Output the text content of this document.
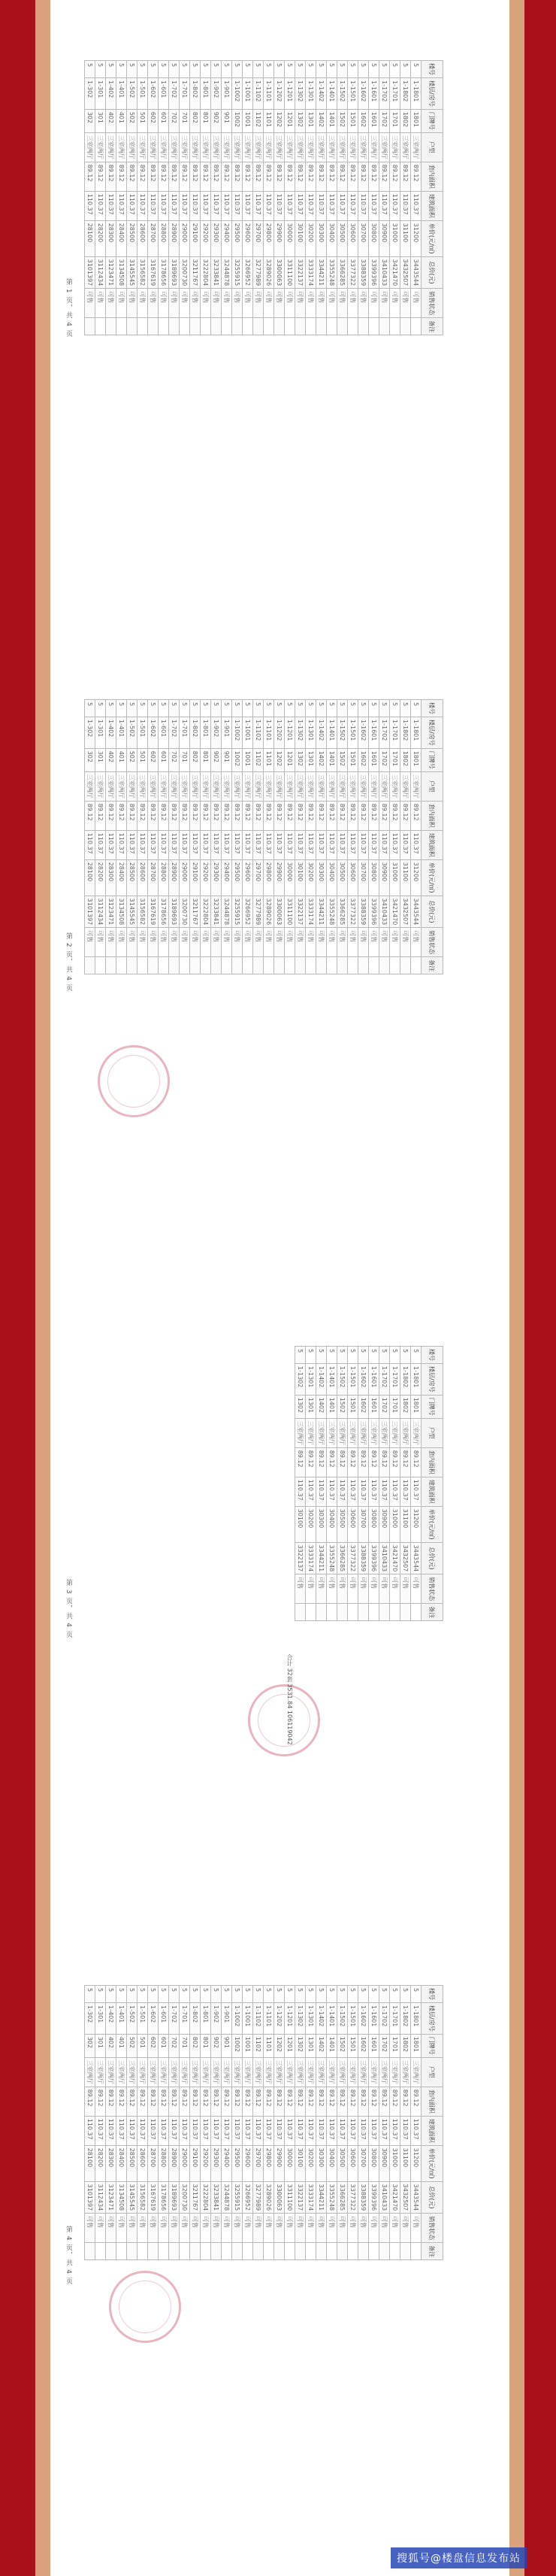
楼号	楼层/房号	门牌号	户型	套内面积	建筑面积	单价(元/㎡)	总价(元)	销售状态	备注
5	1-1801	1801	三室两厅	89.12	110.37	31200	3443544	可售	
5	1-1802	1802	三室两厅	89.12	110.37	31100	3432507	可售	
5	1-1701	1701	三室两厅	89.12	110.37	31000	3421470	可售	
5	1-1702	1702	三室两厅	89.12	110.37	30900	3410433	可售	
5	1-1601	1601	三室两厅	89.12	110.37	30800	3399396	可售	
5	1-1602	1602	三室两厅	89.12	110.37	30700	3388359	可售	
5	1-1501	1501	三室两厅	89.12	110.37	30600	3377322	可售	
5	1-1502	1502	三室两厅	89.12	110.37	30500	3366285	可售	
5	1-1401	1401	三室两厅	89.12	110.37	30400	3355248	可售	
5	1-1402	1402	三室两厅	89.12	110.37	30300	3344211	可售	
5	1-1301	1301	三室两厅	89.12	110.37	30200	3333174	可售	
5	1-1302	1302	三室两厅	89.12	110.37	30100	3322137	可售	
5	1-1201	1201	三室两厅	89.12	110.37	30000	3311100	可售	
5	1-1202	1202	三室两厅	89.12	110.37	29900	3300063	可售	
5	1-1101	1101	三室两厅	89.12	110.37	29800	3289026	可售	
5	1-1102	1102	三室两厅	89.12	110.37	29700	3277989	可售	
5	1-1001	1001	三室两厅	89.12	110.37	29600	3266952	可售	
5	1-1002	1002	三室两厅	89.12	110.37	29500	3255915	可售	
5	1-901	901	三室两厅	89.12	110.37	29400	3244878	可售	
5	1-902	902	三室两厅	89.12	110.37	29300	3233841	可售	
5	1-801	801	三室两厅	89.12	110.37	29200	3222804	可售	
5	1-802	802	三室两厅	89.12	110.37	29100	3211767	可售	
5	1-701	701	三室两厅	89.12	110.37	29000	3200730	可售	
5	1-702	702	三室两厅	89.12	110.37	28900	3189693	可售	
5	1-601	601	三室两厅	89.12	110.37	28800	3178656	可售	
5	1-602	602	三室两厅	89.12	110.37	28700	3167619	可售	
5	1-501	501	三室两厅	89.12	110.37	28600	3156582	可售	
5	1-502	502	三室两厅	89.12	110.37	28500	3145545	可售	
5	1-401	401	三室两厅	89.12	110.37	28400	3134508	可售	
5	1-402	402	三室两厅	89.12	110.37	28300	3123471	可售	
5	1-301	301	三室两厅	89.12	110.37	28200	3112434	可售	
5	1-302	302	三室两厅	89.12	110.37	28100	3101397	可售	
第 1 页，共 4 页
楼号	楼层/房号	门牌号	户型	套内面积	建筑面积	单价(元/㎡)	总价(元)	销售状态	备注
5	1-1801	1801	三室两厅	89.12	110.37	31200	3443544	可售	
5	1-1802	1802	三室两厅	89.12	110.37	31100	3432507	可售	
5	1-1701	1701	三室两厅	89.12	110.37	31000	3421470	可售	
5	1-1702	1702	三室两厅	89.12	110.37	30900	3410433	可售	
5	1-1601	1601	三室两厅	89.12	110.37	30800	3399396	可售	
5	1-1602	1602	三室两厅	89.12	110.37	30700	3388359	可售	
5	1-1501	1501	三室两厅	89.12	110.37	30600	3377322	可售	
5	1-1502	1502	三室两厅	89.12	110.37	30500	3366285	可售	
5	1-1401	1401	三室两厅	89.12	110.37	30400	3355248	可售	
5	1-1402	1402	三室两厅	89.12	110.37	30300	3344211	可售	
5	1-1301	1301	三室两厅	89.12	110.37	30200	3333174	可售	
5	1-1302	1302	三室两厅	89.12	110.37	30100	3322137	可售	
5	1-1201	1201	三室两厅	89.12	110.37	30000	3311100	可售	
5	1-1202	1202	三室两厅	89.12	110.37	29900	3300063	可售	
5	1-1101	1101	三室两厅	89.12	110.37	29800	3289026	可售	
5	1-1102	1102	三室两厅	89.12	110.37	29700	3277989	可售	
5	1-1001	1001	三室两厅	89.12	110.37	29600	3266952	可售	
5	1-1002	1002	三室两厅	89.12	110.37	29500	3255915	可售	
5	1-901	901	三室两厅	89.12	110.37	29400	3244878	可售	
5	1-902	902	三室两厅	89.12	110.37	29300	3233841	可售	
5	1-801	801	三室两厅	89.12	110.37	29200	3222804	可售	
5	1-802	802	三室两厅	89.12	110.37	29100	3211767	可售	
5	1-701	701	三室两厅	89.12	110.37	29000	3200730	可售	
5	1-702	702	三室两厅	89.12	110.37	28900	3189693	可售	
5	1-601	601	三室两厅	89.12	110.37	28800	3178656	可售	
5	1-602	602	三室两厅	89.12	110.37	28700	3167619	可售	
5	1-501	501	三室两厅	89.12	110.37	28600	3156582	可售	
5	1-502	502	三室两厅	89.12	110.37	28500	3145545	可售	
5	1-401	401	三室两厅	89.12	110.37	28400	3134508	可售	
5	1-402	402	三室两厅	89.12	110.37	28300	3123471	可售	
5	1-301	301	三室两厅	89.12	110.37	28200	3112434	可售	
5	1-302	302	三室两厅	89.12	110.37	28100	3101397	可售	
第 2 页，共 4 页
楼号	楼层/房号	门牌号	户型	套内面积	建筑面积	单价(元/㎡)	总价(元)	销售状态	备注
5	1-1801	1801	三室两厅	89.12	110.37	31200	3443544	可售	
5	1-1802	1802	三室两厅	89.12	110.37	31100	3432507	可售	
5	1-1701	1701	三室两厅	89.12	110.37	31000	3421470	可售	
5	1-1702	1702	三室两厅	89.12	110.37	30900	3410433	可售	
5	1-1601	1601	三室两厅	89.12	110.37	30800	3399396	可售	
5	1-1602	1602	三室两厅	89.12	110.37	30700	3388359	可售	
5	1-1501	1501	三室两厅	89.12	110.37	30600	3377322	可售	
5	1-1502	1502	三室两厅	89.12	110.37	30500	3366285	可售	
5	1-1401	1401	三室两厅	89.12	110.37	30400	3355248	可售	
5	1-1402	1402	三室两厅	89.12	110.37	30300	3344211	可售	
5	1-1301	1301	三室两厅	89.12	110.37	30200	3333174	可售	
5	1-1302	1302	三室两厅	89.12	110.37	30100	3322137	可售	
合计 32套 3531.84 106119042
第 3 页，共 4 页
楼号	楼层/房号	门牌号	户型	套内面积	建筑面积	单价(元/㎡)	总价(元)	销售状态	备注
5	1-1801	1801	三室两厅	89.12	110.37	31200	3443544	可售	
5	1-1802	1802	三室两厅	89.12	110.37	31100	3432507	可售	
5	1-1701	1701	三室两厅	89.12	110.37	31000	3421470	可售	
5	1-1702	1702	三室两厅	89.12	110.37	30900	3410433	可售	
5	1-1601	1601	三室两厅	89.12	110.37	30800	3399396	可售	
5	1-1602	1602	三室两厅	89.12	110.37	30700	3388359	可售	
5	1-1501	1501	三室两厅	89.12	110.37	30600	3377322	可售	
5	1-1502	1502	三室两厅	89.12	110.37	30500	3366285	可售	
5	1-1401	1401	三室两厅	89.12	110.37	30400	3355248	可售	
5	1-1402	1402	三室两厅	89.12	110.37	30300	3344211	可售	
5	1-1301	1301	三室两厅	89.12	110.37	30200	3333174	可售	
5	1-1302	1302	三室两厅	89.12	110.37	30100	3322137	可售	
5	1-1201	1201	三室两厅	89.12	110.37	30000	3311100	可售	
5	1-1202	1202	三室两厅	89.12	110.37	29900	3300063	可售	
5	1-1101	1101	三室两厅	89.12	110.37	29800	3289026	可售	
5	1-1102	1102	三室两厅	89.12	110.37	29700	3277989	可售	
5	1-1001	1001	三室两厅	89.12	110.37	29600	3266952	可售	
5	1-1002	1002	三室两厅	89.12	110.37	29500	3255915	可售	
5	1-901	901	三室两厅	89.12	110.37	29400	3244878	可售	
5	1-902	902	三室两厅	89.12	110.37	29300	3233841	可售	
5	1-801	801	三室两厅	89.12	110.37	29200	3222804	可售	
5	1-802	802	三室两厅	89.12	110.37	29100	3211767	可售	
5	1-701	701	三室两厅	89.12	110.37	29000	3200730	可售	
5	1-702	702	三室两厅	89.12	110.37	28900	3189693	可售	
5	1-601	601	三室两厅	89.12	110.37	28800	3178656	可售	
5	1-602	602	三室两厅	89.12	110.37	28700	3167619	可售	
5	1-501	501	三室两厅	89.12	110.37	28600	3156582	可售	
5	1-502	502	三室两厅	89.12	110.37	28500	3145545	可售	
5	1-401	401	三室两厅	89.12	110.37	28400	3134508	可售	
5	1-402	402	三室两厅	89.12	110.37	28300	3123471	可售	
5	1-301	301	三室两厅	89.12	110.37	28200	3112434	可售	
5	1-302	302	三室两厅	89.12	110.37	28100	3101397	可售	
第 4 页，共 4 页
搜狐号@楼盘信息发布站
